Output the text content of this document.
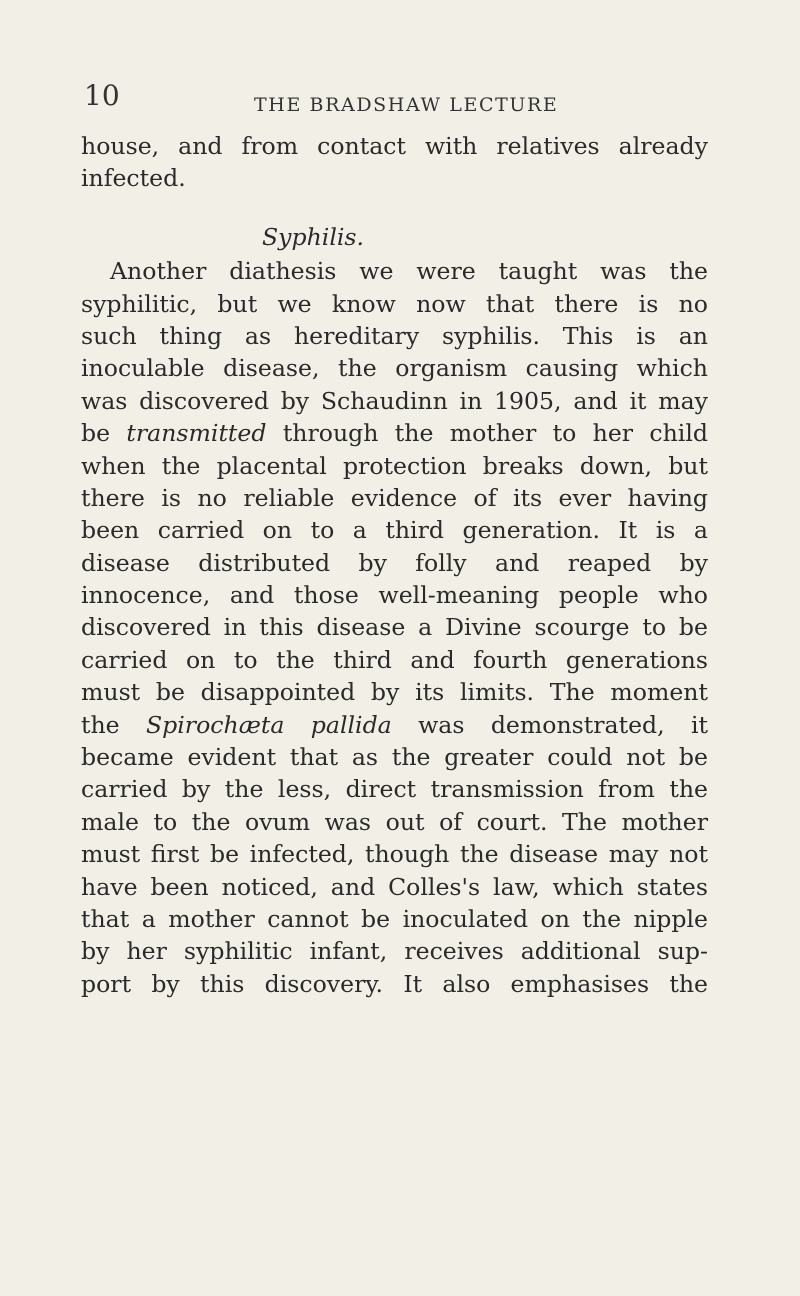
10	THE BRADSHAW LECTURE
house, and from contact with relatives already
infected.
Syphilis.
Another diathesis we were taught was the
syphilitic, but we know now that there is no
such thing as hereditary syphilis. This is an
inoculable disease, the organism causing which
was discovered by Schaudinn in 1905, and it may
be transmitted through the mother to her child
when the placental protection breaks down, but
there is no reliable evidence of its ever having
been carried on to a third generation. It is a
disease distributed by folly and reaped by
innocence, and those well-meaning people who
discovered in this disease a Divine scourge to be
carried on to the third and fourth generations
must be disappointed by its limits. The moment
the Spirochæta pallida was demonstrated, it
became evident that as the greater could not be
carried by the less, direct transmission from the
male to the ovum was out of court. The mother
must first be infected, though the disease may not
have been noticed, and Colles's law, which states
that a mother cannot be inoculated on the nipple
by her syphilitic infant, receives additional sup-
port by this discovery. It also emphasises the
